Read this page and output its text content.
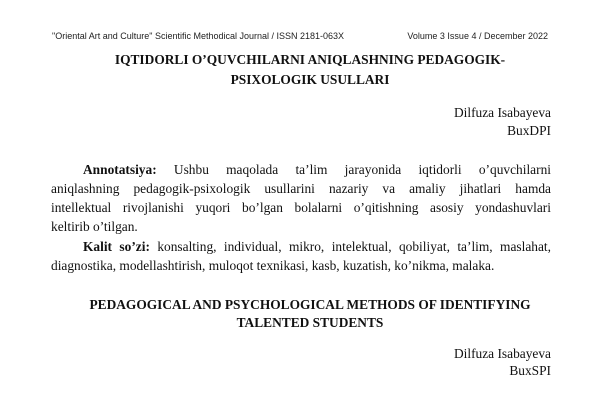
"Oriental Art and Culture" Scientific Methodical Journal / ISSN 2181-063X	Volume 3 Issue 4 / December 2022
IQTIDORLI O’QUVCHILARNI ANIQLASHNING PEDAGOGIK-
PSIXOLOGIK USULLARI
Dilfuza Isabayeva
BuxDPI
Annotatsiya: Ushbu maqolada ta’lim jarayonida iqtidorli o’quvchilarni
aniqlashning pedagogik-psixologik usullarini nazariy va amaliy jihatlari hamda
intellektual rivojlanishi yuqori bo’lgan bolalarni o’qitishning asosiy yondashuvlari
keltirib o’tilgan.
Kalit so’zi: konsalting, individual, mikro, intelektual, qobiliyat, ta’lim, maslahat,
diagnostika, modellashtirish, muloqot texnikasi, kasb, kuzatish, ko’nikma, malaka.
PEDAGOGICAL AND PSYCHOLOGICAL METHODS OF IDENTIFYING
TALENTED STUDENTS
Dilfuza Isabayeva
BuxSPI
